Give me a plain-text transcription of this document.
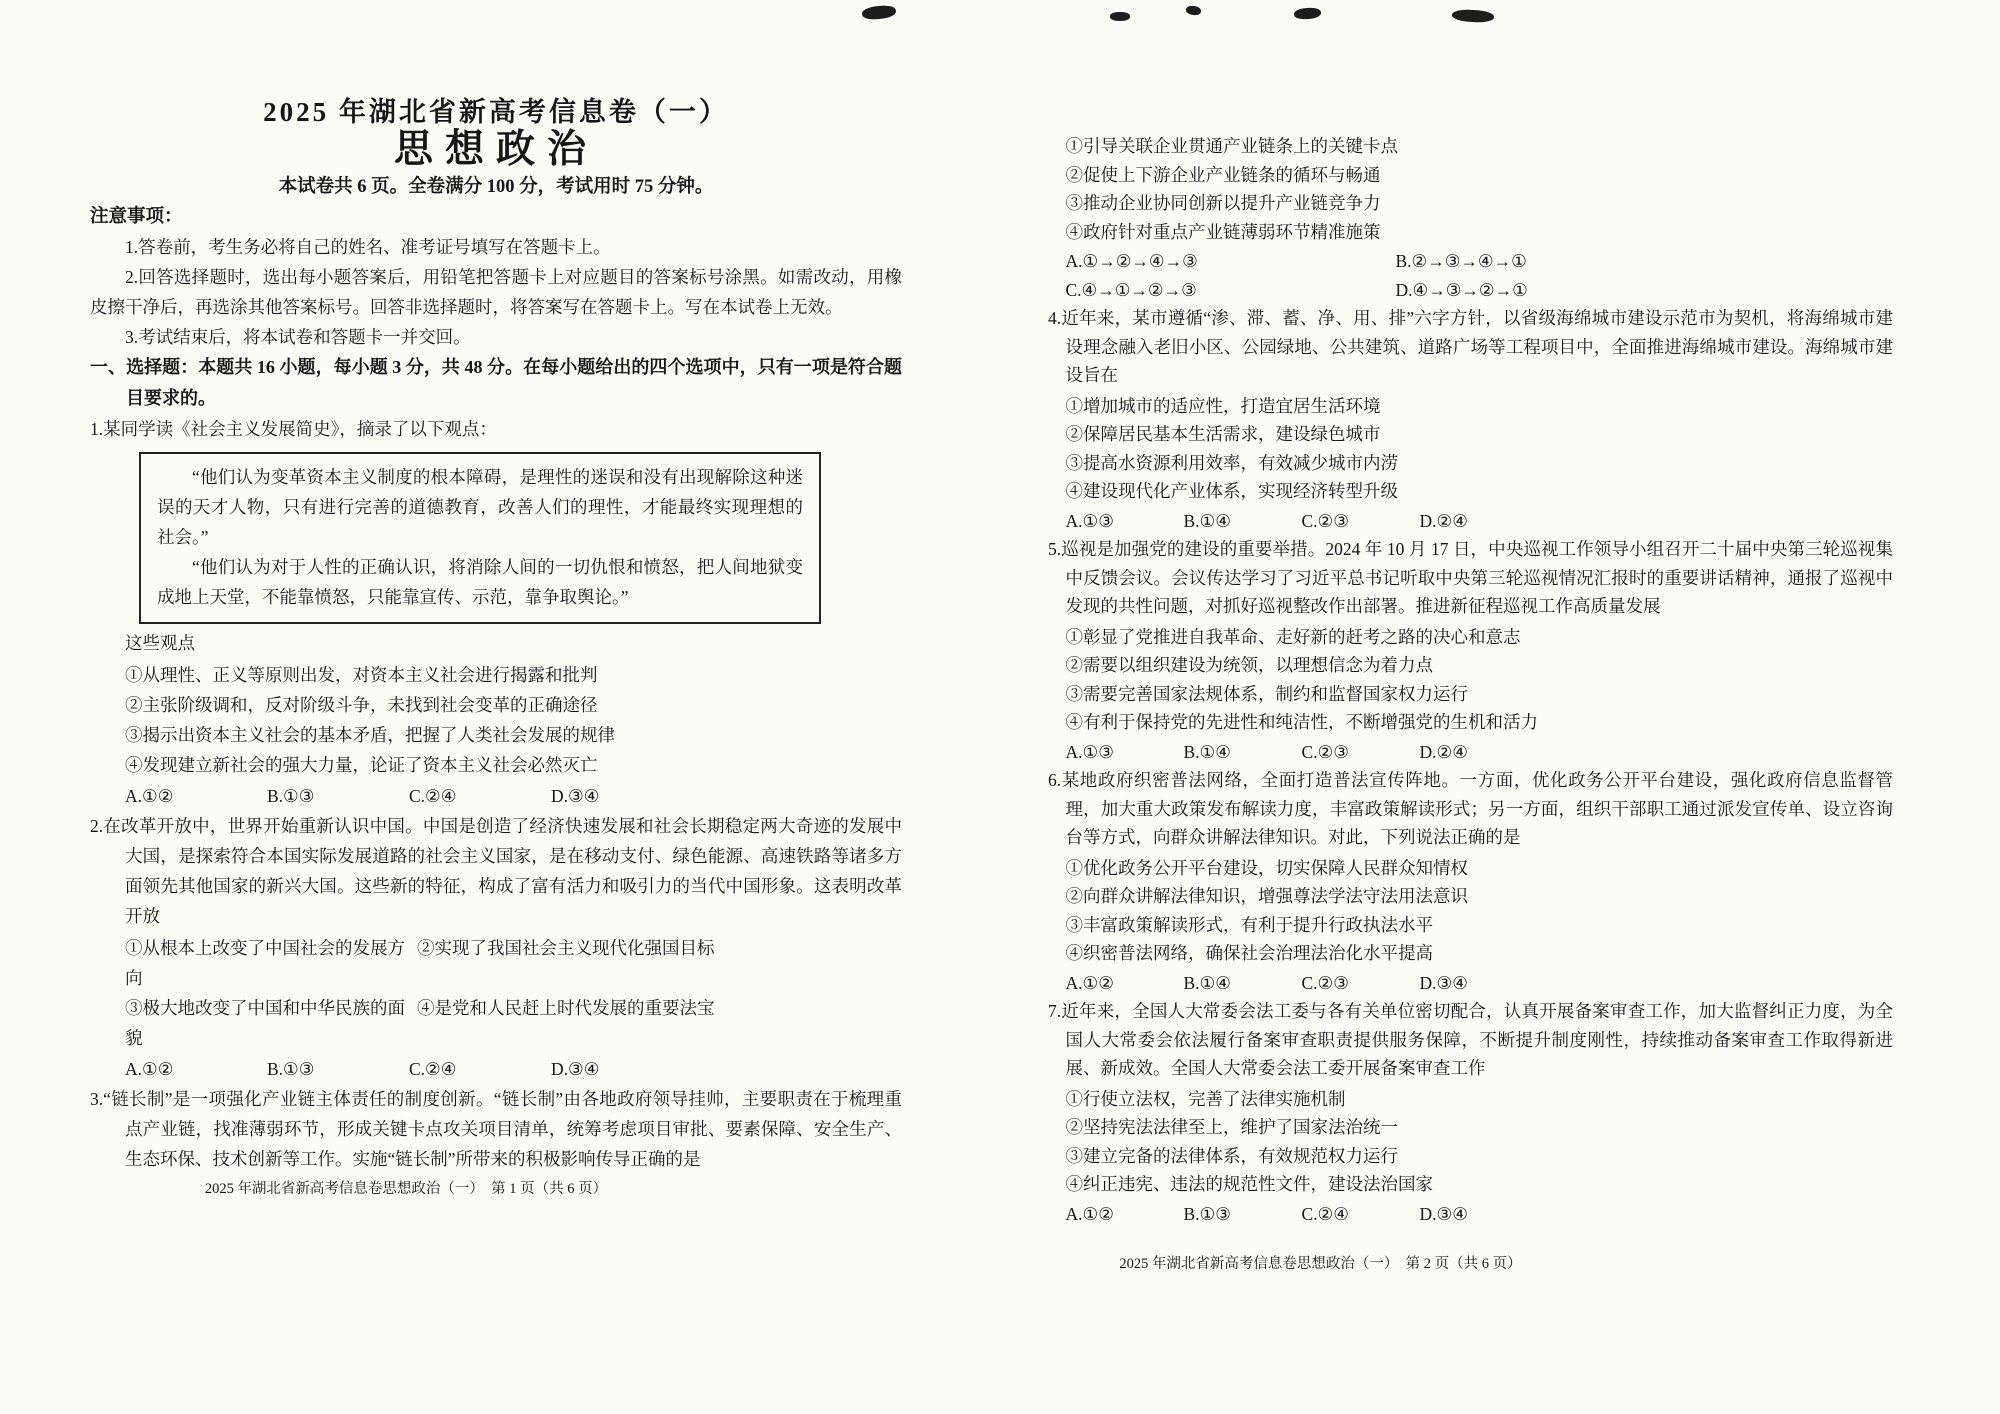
2025 年湖北省新高考信息卷（一）

思想政治

本试卷共 6 页。全卷满分 100 分，考试用时 75 分钟。

注意事项：

1.答卷前，考生务必将自己的姓名、准考证号填写在答题卡上。

2.回答选择题时，选出每小题答案后，用铅笔把答题卡上对应题目的答案标号涂黑。如需改动，用橡皮擦干净后，再选涂其他答案标号。回答非选择题时，将答案写在答题卡上。写在本试卷上无效。

3.考试结束后，将本试卷和答题卡一并交回。

一、选择题：本题共 16 小题，每小题 3 分，共 48 分。在每小题给出的四个选项中，只有一项是符合题目要求的。

1.某同学读《社会主义发展简史》，摘录了以下观点：

“他们认为变革资本主义制度的根本障碍，是理性的迷误和没有出现解除这种迷误的天才人物，只有进行完善的道德教育，改善人们的理性，才能最终实现理想的社会。”

“他们认为对于人性的正确认识，将消除人间的一切仇恨和愤怒，把人间地狱变成地上天堂，不能靠愤怒，只能靠宣传、示范，靠争取舆论。”

这些观点

①从理性、正义等原则出发，对资本主义社会进行揭露和批判
②主张阶级调和，反对阶级斗争，未找到社会变革的正确途径
③揭示出资本主义社会的基本矛盾，把握了人类社会发展的规律
④发现建立新社会的强大力量，论证了资本主义社会必然灭亡
A.①②	B.①③	C.②④	D.③④

2.在改革开放中，世界开始重新认识中国。中国是创造了经济快速发展和社会长期稳定两大奇迹的发展中大国，是探索符合本国实际发展道路的社会主义国家，是在移动支付、绿色能源、高速铁路等诸多方面领先其他国家的新兴大国。这些新的特征，构成了富有活力和吸引力的当代中国形象。这表明改革开放

①从根本上改变了中国社会的发展方向
②实现了我国社会主义现代化强国目标
③极大地改变了中国和中华民族的面貌
④是党和人民赶上时代发展的重要法宝
A.①②	B.①③	C.②④	D.③④

3.“链长制”是一项强化产业链主体责任的制度创新。“链长制”由各地政府领导挂帅，主要职责在于梳理重点产业链，找准薄弱环节，形成关键卡点攻关项目清单，统筹考虑项目审批、要素保障、安全生产、生态环保、技术创新等工作。实施“链长制”所带来的积极影响传导正确的是

2025 年湖北省新高考信息卷思想政治（一）　第 1 页（共 6 页）

①引导关联企业贯通产业链条上的关键卡点
②促使上下游企业产业链条的循环与畅通
③推动企业协同创新以提升产业链竞争力
④政府针对重点产业链薄弱环节精准施策
A.①→②→④→③	B.②→③→④→①
C.④→①→②→③	D.④→③→②→①

4.近年来，某市遵循“渗、滞、蓄、净、用、排”六字方针，以省级海绵城市建设示范市为契机，将海绵城市建设理念融入老旧小区、公园绿地、公共建筑、道路广场等工程项目中，全面推进海绵城市建设。海绵城市建设旨在

①增加城市的适应性，打造宜居生活环境
②保障居民基本生活需求，建设绿色城市
③提高水资源利用效率，有效减少城市内涝
④建设现代化产业体系，实现经济转型升级
A.①③	B.①④	C.②③	D.②④

5.巡视是加强党的建设的重要举措。2024 年 10 月 17 日，中央巡视工作领导小组召开二十届中央第三轮巡视集中反馈会议。会议传达学习了习近平总书记听取中央第三轮巡视情况汇报时的重要讲话精神，通报了巡视中发现的共性问题，对抓好巡视整改作出部署。推进新征程巡视工作高质量发展

①彰显了党推进自我革命、走好新的赶考之路的决心和意志
②需要以组织建设为统领，以理想信念为着力点
③需要完善国家法规体系，制约和监督国家权力运行
④有利于保持党的先进性和纯洁性，不断增强党的生机和活力
A.①③	B.①④	C.②③	D.②④

6.某地政府织密普法网络，全面打造普法宣传阵地。一方面，优化政务公开平台建设，强化政府信息监督管理，加大重大政策发布解读力度，丰富政策解读形式；另一方面，组织干部职工通过派发宣传单、设立咨询台等方式，向群众讲解法律知识。对此，下列说法正确的是

①优化政务公开平台建设，切实保障人民群众知情权
②向群众讲解法律知识，增强尊法学法守法用法意识
③丰富政策解读形式，有利于提升行政执法水平
④织密普法网络，确保社会治理法治化水平提高
A.①②	B.①④	C.②③	D.③④

7.近年来，全国人大常委会法工委与各有关单位密切配合，认真开展备案审查工作，加大监督纠正力度，为全国人大常委会依法履行备案审查职责提供服务保障，不断提升制度刚性，持续推动备案审查工作取得新进展、新成效。全国人大常委会法工委开展备案审查工作

①行使立法权，完善了法律实施机制
②坚持宪法法律至上，维护了国家法治统一
③建立完备的法律体系，有效规范权力运行
④纠正违宪、违法的规范性文件，建设法治国家
A.①②	B.①③	C.②④	D.③④

2025 年湖北省新高考信息卷思想政治（一）　第 2 页（共 6 页）
